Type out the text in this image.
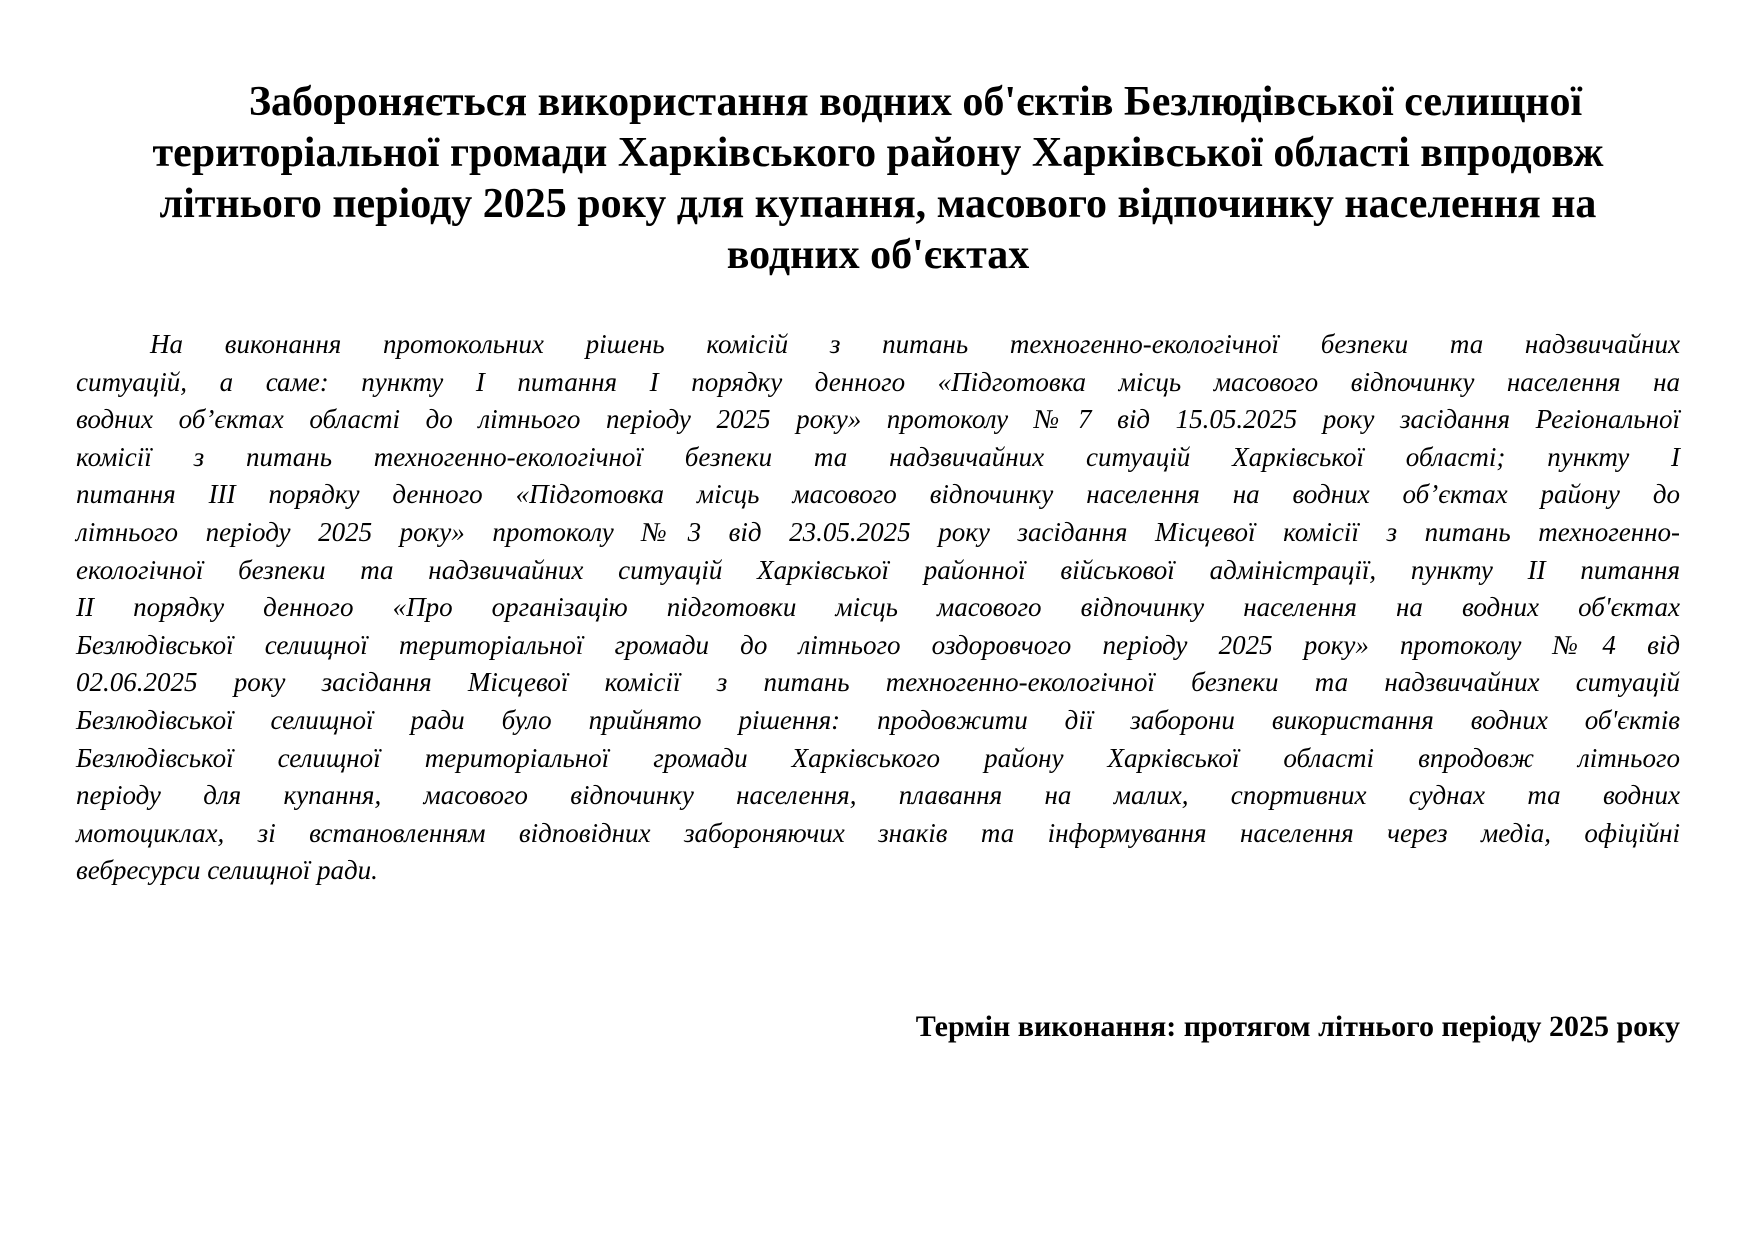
Забороняється використання водних об'єктів Безлюдівської селищної
територіальної громади Харківського району Харківської області впродовж
літнього періоду 2025 року для купання, масового відпочинку населення на
водних об'єктах
На виконання протокольних рішень комісій з питань техногенно-екологічної безпеки та надзвичайних
ситуацій, а саме: пункту І питання І порядку денного «Підготовка місць масового відпочинку населення на
водних об’єктах області до літнього періоду 2025 року» протоколу №7 від 15.05.2025 року засідання Регіональної
комісії з питань техногенно-екологічної безпеки та надзвичайних ситуацій Харківської області; пункту І
питання ІІІ порядку денного «Підготовка місць масового відпочинку населення на водних об’єктах району до
літнього періоду 2025 року» протоколу №3 від 23.05.2025 року засідання Місцевої комісії з питань техногенно-
екологічної безпеки та надзвичайних ситуацій Харківської районної військової адміністрації, пункту ІІ питання
ІІ порядку денного «Про організацію підготовки місць масового відпочинку населення на водних об'єктах
Безлюдівської селищної територіальної громади до літнього оздоровчого періоду 2025 року» протоколу №4 від
02.06.2025 року засідання Місцевої комісії з питань техногенно-екологічної безпеки та надзвичайних ситуацій
Безлюдівської селищної ради було прийнято рішення: продовжити дії заборони використання водних об'єктів
Безлюдівської селищної територіальної громади Харківського району Харківської області впродовж літнього
періоду для купання, масового відпочинку населення, плавання на малих, спортивних суднах та водних
мотоциклах, зі встановленням відповідних забороняючих знаків та інформування населення через медіа, офіційні
вебресурси селищної ради.
Термін виконання: протягом літнього періоду 2025 року
